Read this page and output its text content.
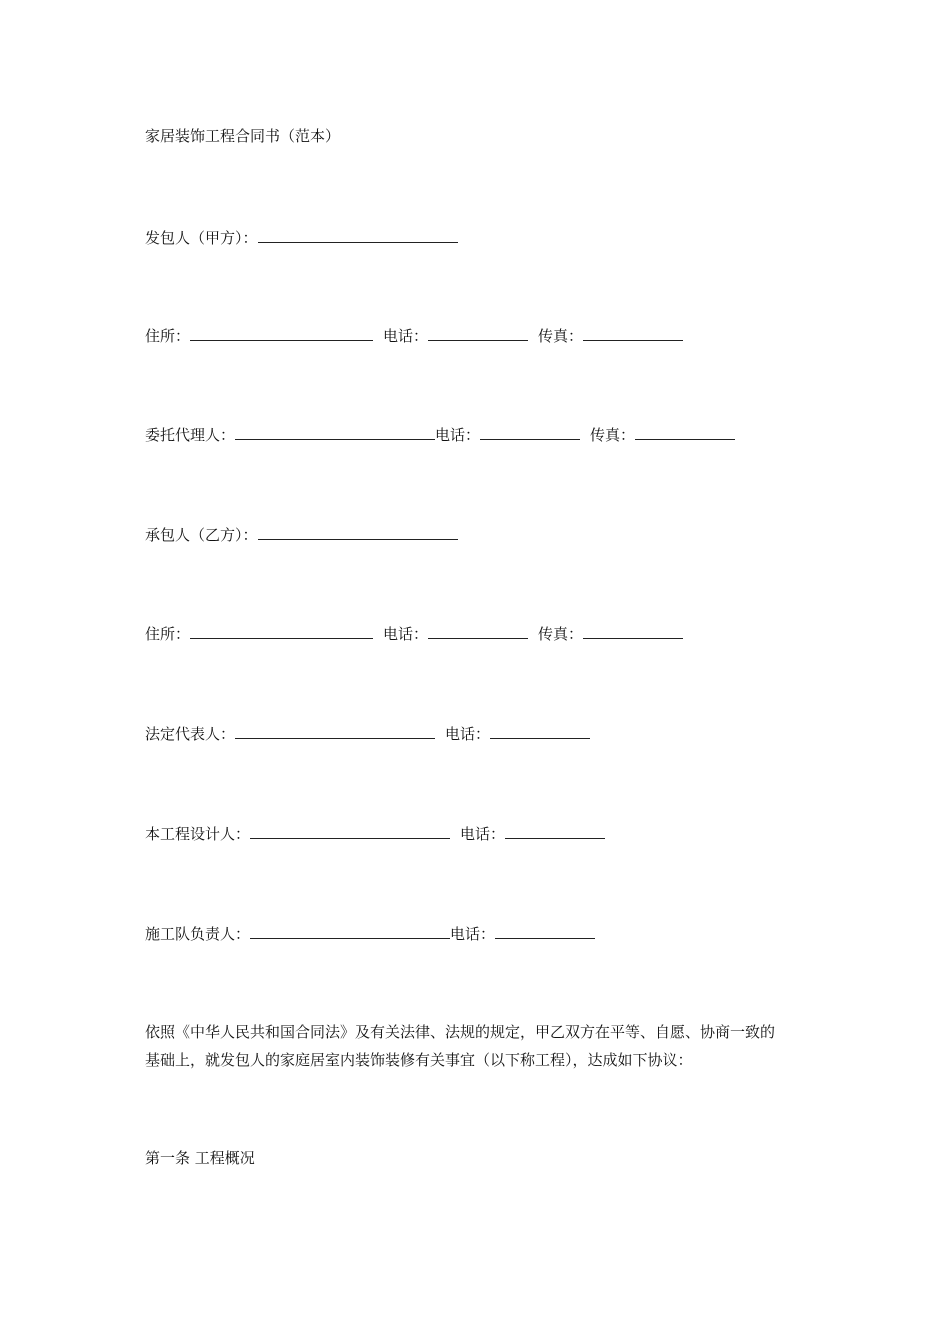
家居装饰工程合同书（范本）
发包人（甲方）：
住所：	电话：	传真：
委托代理人：	电话：	传真：
承包人（乙方）：
住所：	电话：	传真：
法定代表人：	电话：
本工程设计人：	电话：
施工队负责人：	电话：
依照《中华人民共和国合同法》及有关法律、法规的规定，甲乙双方在平等、自愿、协商一致的
基础上，就发包人的家庭居室内装饰装修有关事宜（以下称工程），达成如下协议：
第一条 工程概况
